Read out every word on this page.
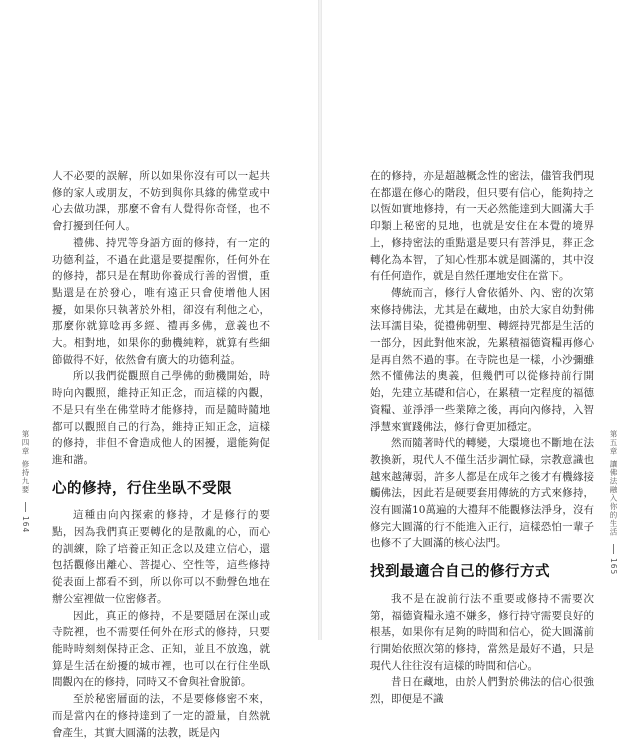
人不必要的誤解，所以如果你沒有可以一起共修的家人或朋友，不妨到與你具緣的佛堂或中心去做功課，那麼不會有人覺得你奇怪，也不會打擾到任何人。

禮佛、持咒等身語方面的修持，有一定的功德利益，不過在此還是要提醒你，任何外在的修持，都只是在幫助你養成行善的習慣，重點還是在於發心，唯有遠正只會使增他人困擾，如果你只執著於外相，卻沒有利他之心，那麼你就算唸再多經、禮再多佛，意義也不大。相對地，如果你的動機純粹，就算有些細節做得不好，依然會有廣大的功德利益。

所以我們從觀照自己學佛的動機開始，時時向內觀照，維持正知正念，而這樣的內觀，不是只有坐在佛堂時才能修持，而是隨時隨地都可以觀照自己的行為，維持正知正念，這樣的修持，非但不會造成他人的困擾，還能夠促進和諧。

心的修持，行住坐臥不受限

這種由向內探索的修持，才是修行的要點，因為我們真正要轉化的是散亂的心，而心的訓練，除了培養正知正念以及建立信心，還包括觀修出離心、菩提心、空性等，這些修持從表面上都看不到，所以你可以不動聲色地在辦公室裡做一位密修者。

因此，真正的修持，不是要隱居在深山或寺院裡，也不需要任何外在形式的修持，只要能時時刻刻保持正念、正知，並且不放逸，就算是生活在紛擾的城市裡，也可以在行住坐臥間觀內在的修持，同時又不會與社會脫節。

至於秘密層面的法，不是要修修密不來，而是當內在的修持達到了一定的證量，自然就會產生，其實大圓滿的法教，既是內

第四章
修持九要
164

在的修持，亦是超越概念性的密法，儘管我們現在都還在修心的階段，但只要有信心，能夠持之以恆如實地修持，有一天必然能達到大圓滿大手印類上秘密的見地，也就是安住在本覺的境界上，修持密法的重點還是要只有菩淨見，葬正念轉化為本智，了知心性那本就是圓滿的，其中沒有任何造作，就是自然任運地安住在當下。

傳統而言，修行人會依循外、內、密的次第來修持佛法，尤其是在藏地，由於大家自幼對佛法耳濡目染，從禮佛朝聖、轉經持咒都是生活的一部分，因此對他來說，先累積福德資糧再修心是再自然不過的事。在寺院也是一樣，小沙彌雖然不懂佛法的奧義，但幾們可以從修持前行開始，先建立基礎和信心，在累積一定程度的福德資糧、並淨淨一些業障之後，再向內修持，入智淨慧來實踐佛法，修行會更加穩定。

然而隨著時代的轉變，大環境也不斷地在法教換新，現代人不僅生活步調忙碌，宗教意識也越來越薄弱，許多人都是在成年之後才有機緣接觸佛法，因此若是硬要套用傳統的方式來修持，沒有圓滿10萬遍的大禮拜不能觀修法淨身，沒有修完大圓滿的行不能進入正行，這樣恐怕一輩子也修不了大圓滿的核心法門。

找到最適合自己的修行方式

我不是在說前行法不重要或修持不需要次第，福德資糧永遠不嫌多，修行持守需要良好的根基，如果你有足夠的時間和信心，從大圓滿前行開始依照次第的修持，當然是最好不過，只是現代人往往沒有這樣的時間和信心。

昔日在藏地，由於人們對於佛法的信心很強烈，即便是不識

第五章
讓佛法融入你的生活
165
